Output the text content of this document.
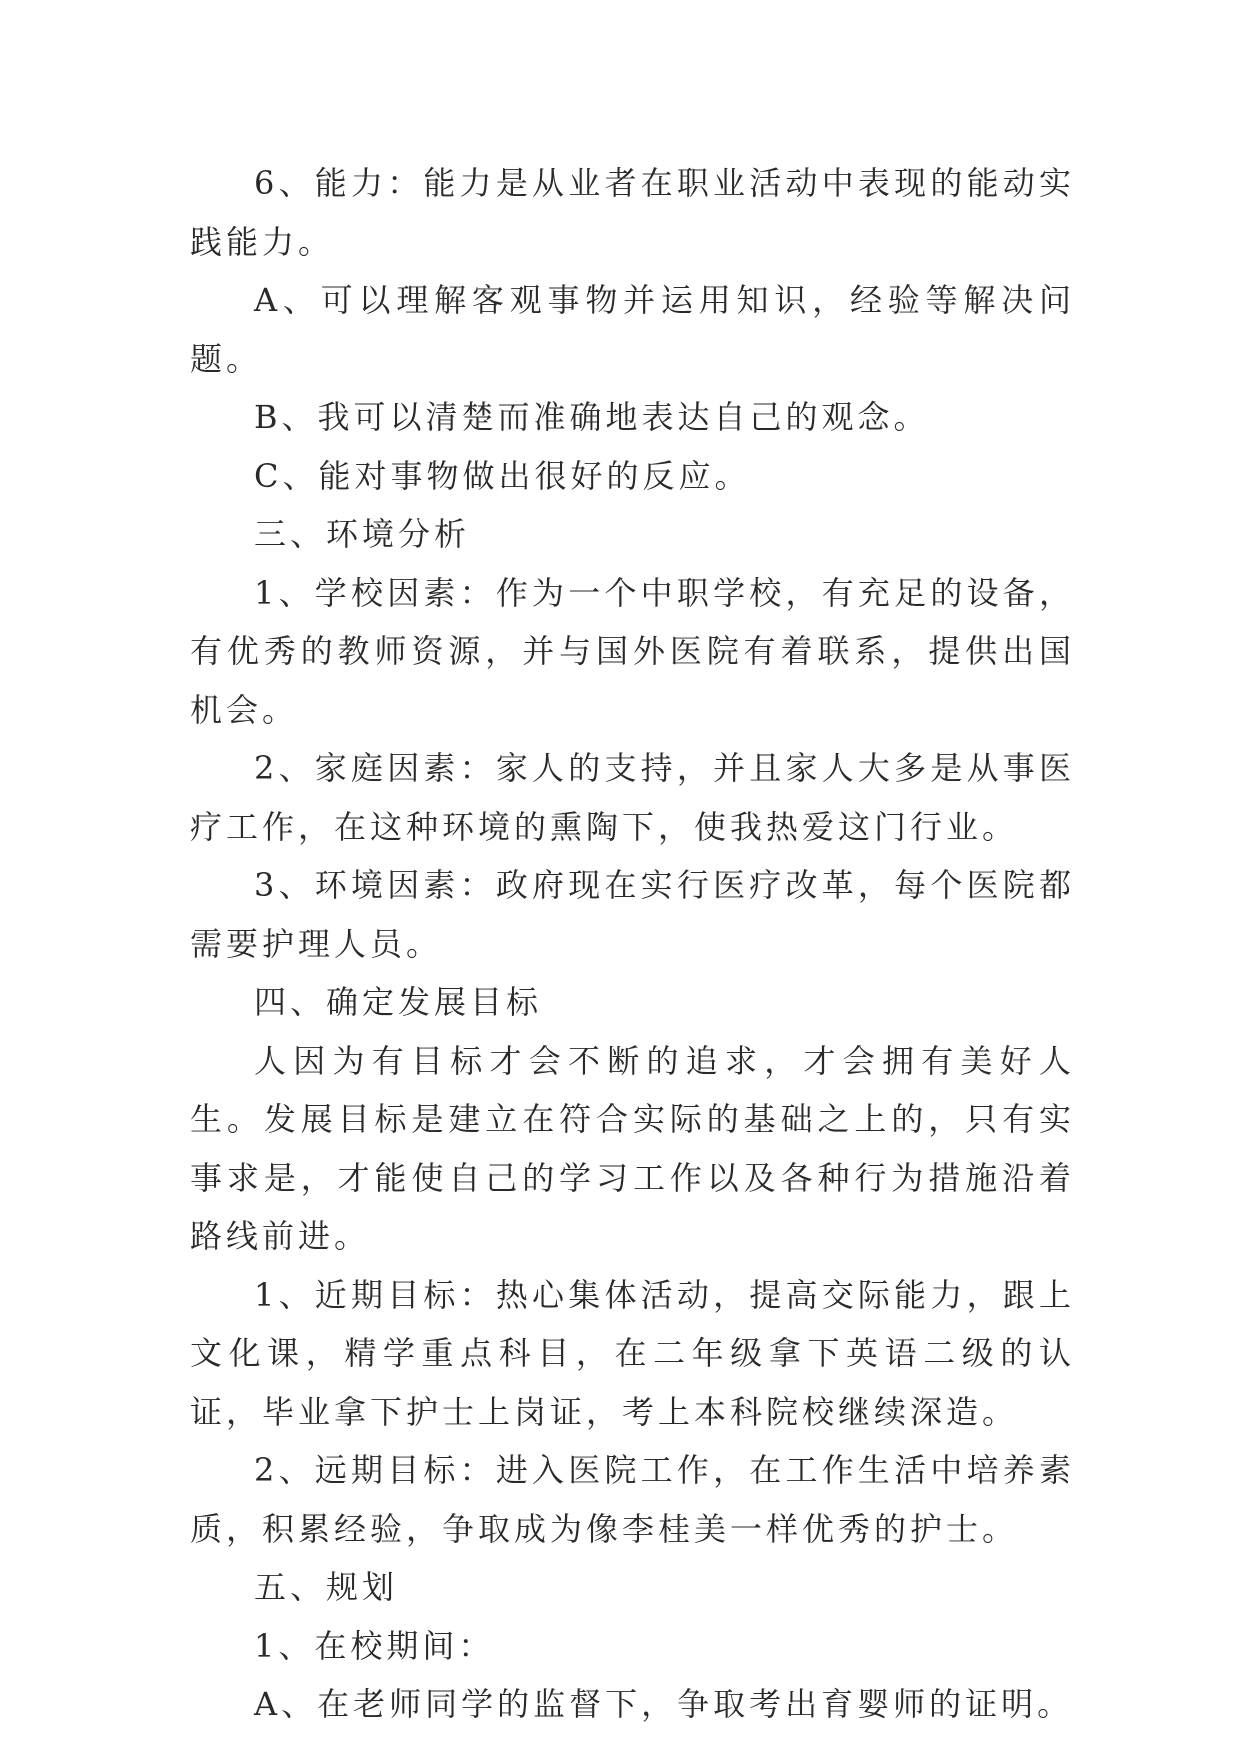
6、能力：能力是从业者在职业活动中表现的能动实践能力。

A、可以理解客观事物并运用知识，经验等解决问题。

B、我可以清楚而准确地表达自己的观念。

C、能对事物做出很好的反应。

三、环境分析

1、学校因素：作为一个中职学校，有充足的设备，有优秀的教师资源，并与国外医院有着联系，提供出国机会。

2、家庭因素：家人的支持，并且家人大多是从事医疗工作，在这种环境的熏陶下，使我热爱这门行业。

3、环境因素：政府现在实行医疗改革，每个医院都需要护理人员。

四、确定发展目标

人因为有目标才会不断的追求，才会拥有美好人生。发展目标是建立在符合实际的基础之上的，只有实事求是，才能使自己的学习工作以及各种行为措施沿着路线前进。

1、近期目标：热心集体活动，提高交际能力，跟上文化课，精学重点科目，在二年级拿下英语二级的认证，毕业拿下护士上岗证，考上本科院校继续深造。

2、远期目标：进入医院工作，在工作生活中培养素质，积累经验，争取成为像李桂美一样优秀的护士。

五、规划

1、在校期间：

A、在老师同学的监督下，争取考出育婴师的证明。
